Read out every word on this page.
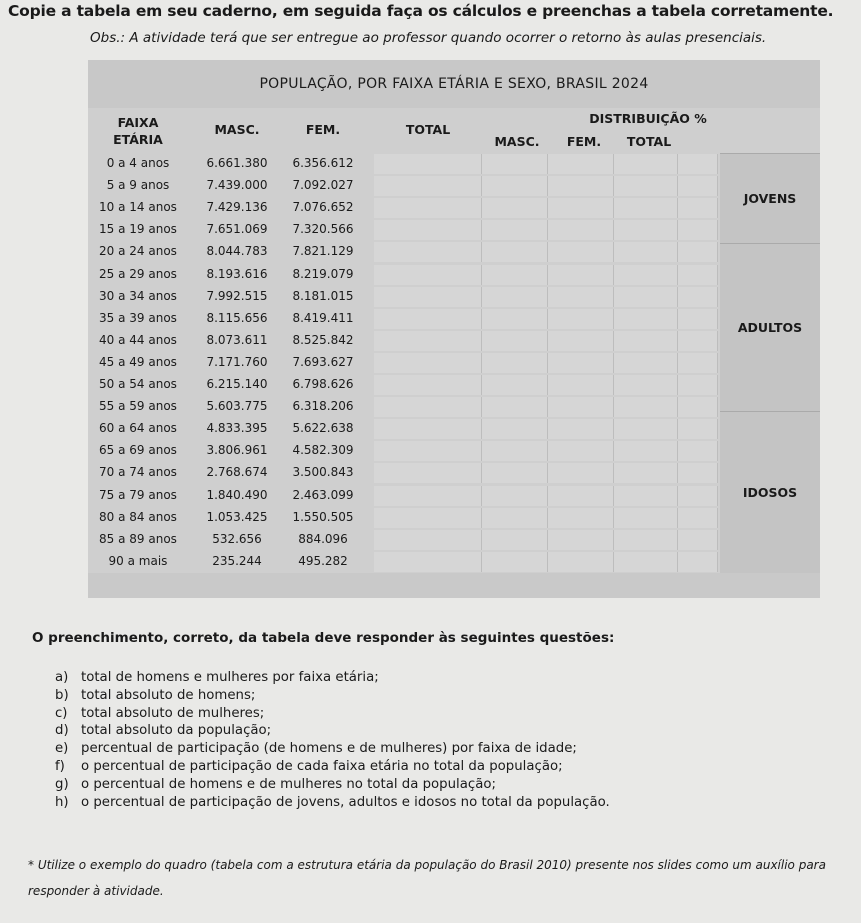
Copie a tabela em seu caderno, em seguida faça os cálculos e preenchas a tabela corretamente.
Obs.: A atividade terá que ser entregue ao professor quando ocorrer o retorno às aulas presenciais.
POPULAÇÃO, POR FAIXA ETÁRIA E SEXO, BRASIL 2024
FAIXA
ETÁRIA
MASC.	FEM.	TOTAL
DISTRIBUIÇÃO %
MASC.	FEM.	TOTAL
0 a 4 anos	6.661.380	6.356.612
5 a 9 anos	7.439.000	7.092.027
10 a 14 anos	7.429.136	7.076.652
15 a 19 anos	7.651.069	7.320.566
20 a 24 anos	8.044.783	7.821.129
25 a 29 anos	8.193.616	8.219.079
30 a 34 anos	7.992.515	8.181.015
35 a 39 anos	8.115.656	8.419.411
40 a 44 anos	8.073.611	8.525.842
45 a 49 anos	7.171.760	7.693.627
50 a 54 anos	6.215.140	6.798.626
55 a 59 anos	5.603.775	6.318.206
60 a 64 anos	4.833.395	5.622.638
65 a 69 anos	3.806.961	4.582.309
70 a 74 anos	2.768.674	3.500.843
75 a 79 anos	1.840.490	2.463.099
80 a 84 anos	1.053.425	1.550.505
85 a 89 anos	532.656	884.096
90 a mais	235.244	495.282
JOVENS
ADULTOS
IDOSOS
O preenchimento, correto, da tabela deve responder às seguintes questões:
a) total de homens e mulheres por faixa etária;
b) total absoluto de homens;
c) total absoluto de mulheres;
d) total absoluto da população;
e) percentual de participação (de homens e de mulheres) por faixa de idade;
f) o percentual de participação de cada faixa etária no total da população;
g) o percentual de homens e de mulheres no total da população;
h) o percentual de participação de jovens, adultos e idosos no total da população.
* Utilize o exemplo do quadro (tabela com a estrutura etária da população do Brasil 2010) presente nos slides como um auxílio para responder à atividade.
